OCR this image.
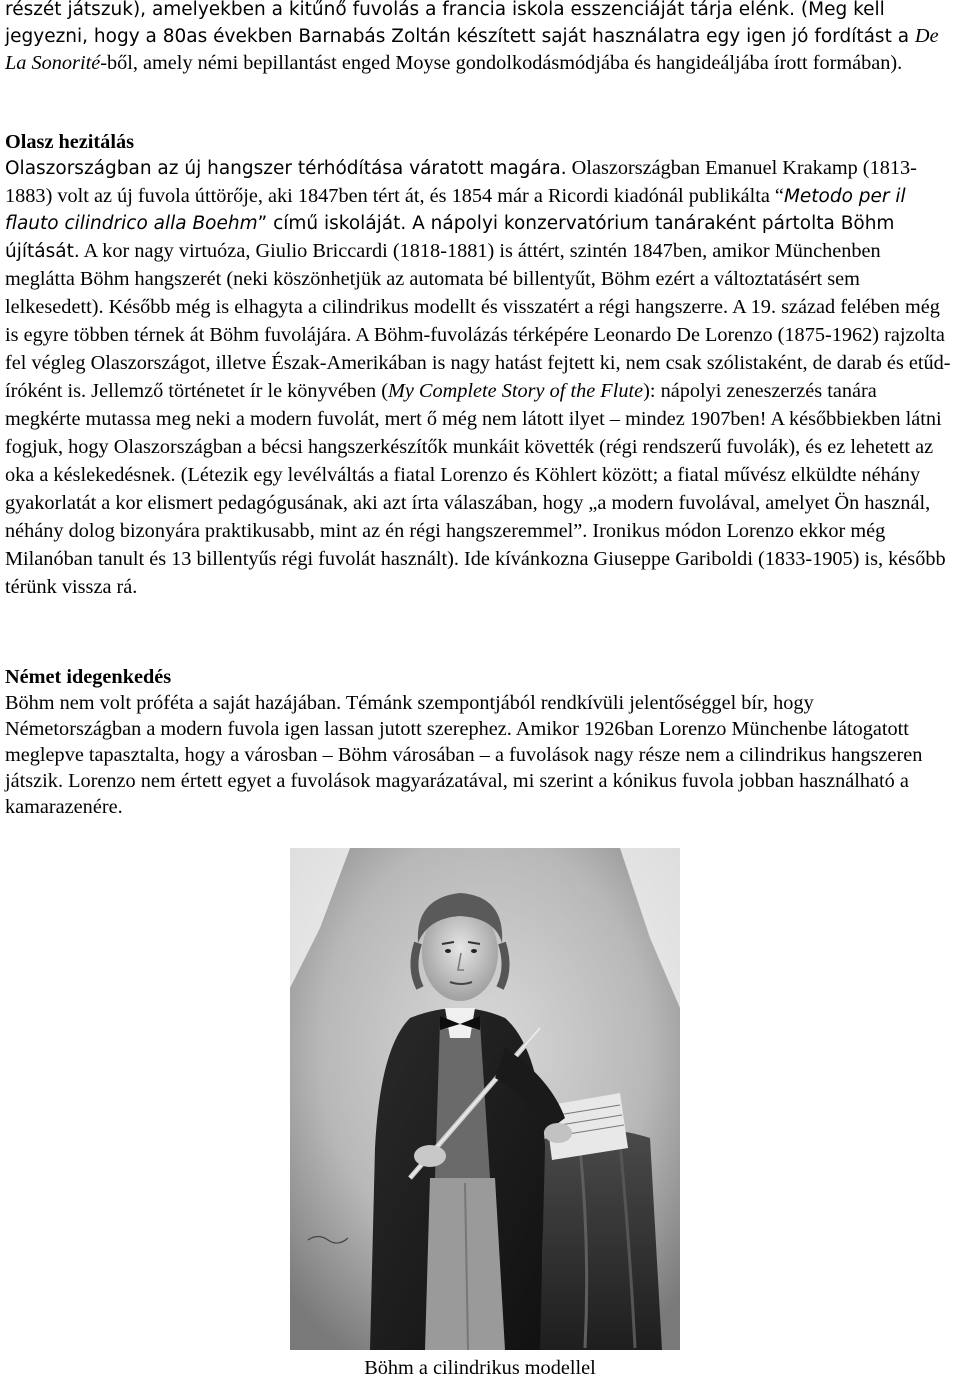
részét játszuk), amelyekben a kitűnő fuvolás a francia iskola esszenciáját tárja elénk. (Meg kell jegyezni, hogy a 80as években Barnabás Zoltán készített saját használatra egy igen jó fordítást a De La Sonorité-ből, amely némi bepillantást enged Moyse gondolkodásmódjába és hangideáljába írott formában).

Olasz hezitálás

Olaszországban az új hangszer térhódítása váratott magára. Olaszországban Emanuel Krakamp (1813-1883) volt az új fuvola úttörője, aki 1847ben tért át, és 1854 már a Ricordi kiadónál publikálta “Metodo per il flauto cilindrico alla Boehm” című iskoláját. A nápolyi konzervatórium tanáraként pártolta Böhm újítását. A kor nagy virtuóza, Giulio Briccardi (1818-1881) is áttért, szintén 1847ben, amikor Münchenben meglátta Böhm hangszerét (neki köszönhetjük az automata bé billentyűt, Böhm ezért a változtatásért sem lelkesedett). Később még is elhagyta a cilindrikus modellt és visszatért a régi hangszerre. A 19. század felében még is egyre többen térnek át Böhm fuvolájára. A Böhm-fuvolázás térképére Leonardo De Lorenzo (1875-1962) rajzolta fel végleg Olaszországot, illetve Észak-Amerikában is nagy hatást fejtett ki, nem csak szólistaként, de darab és etűd-íróként is. Jellemző történetet ír le könyvében (My Complete Story of the Flute): nápolyi zeneszerzés tanára megkérte mutassa meg neki a modern fuvolát, mert ő még nem látott ilyet – mindez 1907ben! A későbbiekben látni fogjuk, hogy Olaszországban a bécsi hangszerkészítők munkáit követték (régi rendszerű fuvolák), és ez lehetett az oka a késlekedésnek. (Létezik egy levélváltás a fiatal Lorenzo és Köhlert között; a fiatal művész elküldte néhány gyakorlatát a kor elismert pedagógusának, aki azt írta válaszában, hogy „a modern fuvolával, amelyet Ön használ, néhány dolog bizonyára praktikusabb, mint az én régi hangszeremmel”. Ironikus módon Lorenzo ekkor még Milanóban tanult és 13 billentyűs régi fuvolát használt). Ide kívánkozna Giuseppe Gariboldi (1833-1905) is, később térünk vissza rá.

Német idegenkedés

Böhm nem volt próféta a saját hazájában. Témánk szempontjából rendkívüli jelentőséggel bír, hogy Németországban a modern fuvola igen lassan jutott szerephez. Amikor 1926ban Lorenzo Münchenbe látogatott meglepve tapasztalta, hogy a városban – Böhm városában – a fuvolások nagy része nem a cilindrikus hangszeren játszik. Lorenzo nem értett egyet a fuvolások magyarázatával, mi szerint a kónikus fuvola jobban használható a kamarazenére.

Böhm a cilindrikus modellel
